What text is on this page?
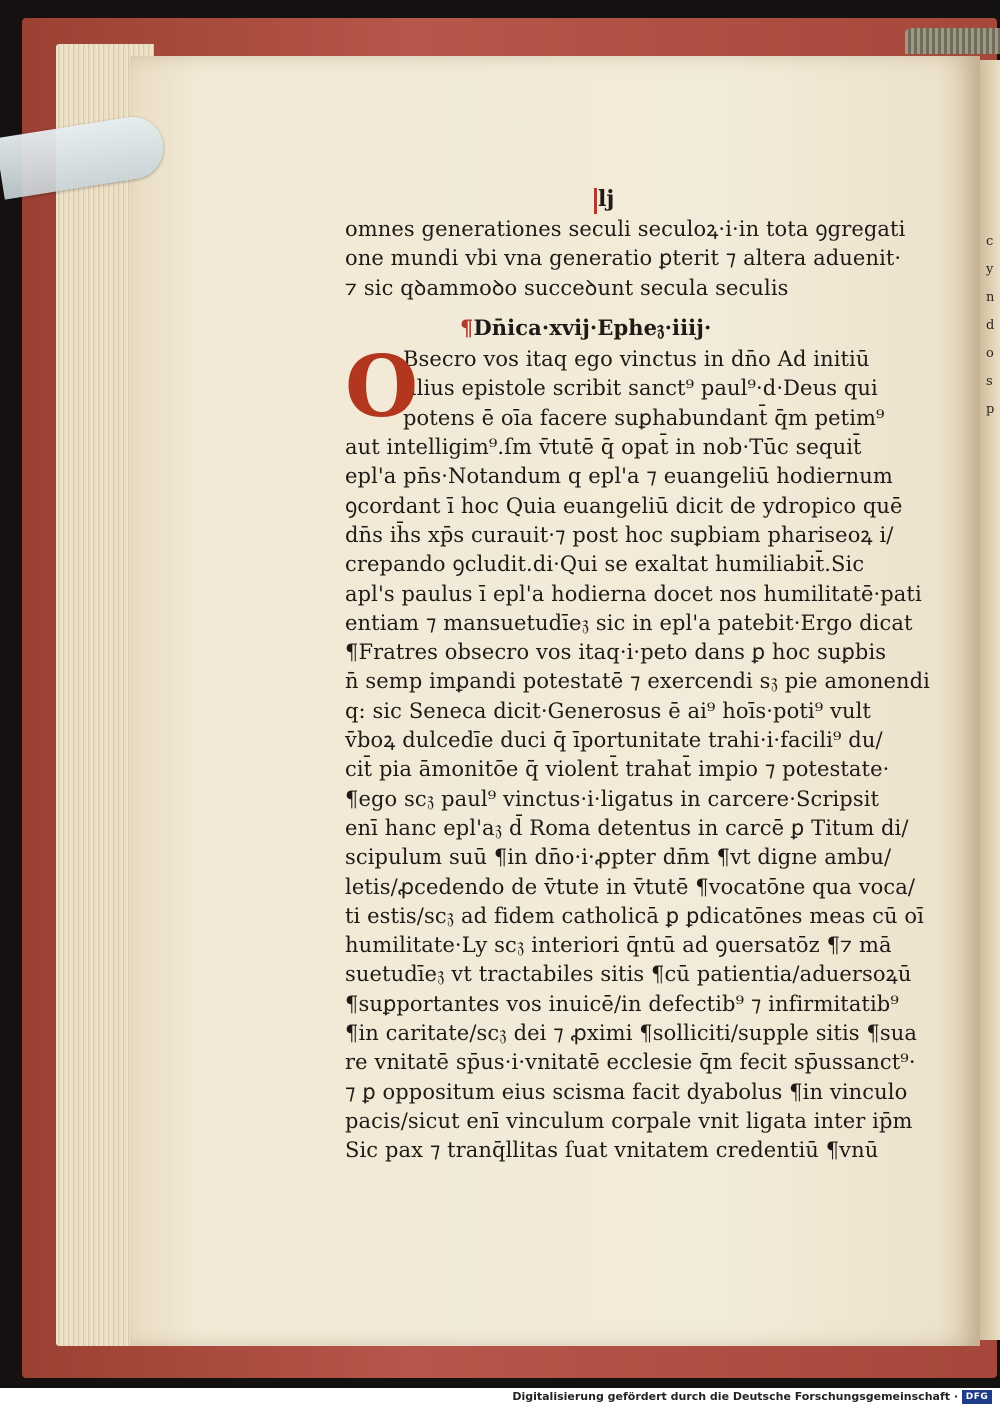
lj
omnes generationes seculi seculoꝝ·i·in tota ꝯgregati
one mundi vbi vna generatio ꝑterit ⁊ altera aduenit·
⁊ sic qꝺammoꝺo succeꝺunt secula seculis
¶Dn̄ica·xvij·Ephe𝔷·iiij·
O
Bsecro vos itaq ego vinctus in dn̄o Ad initiū
illius epistole scribit sanct⁹ paul⁹·d·Deus qui
potens ē oīa facere suꝑhabundant̄ q̄m petim⁹
aut intelligim⁹.ſm v̄tutē q̄ opat̄ in nob·Tūc sequit̄
epl'a pn̄s·Notandum q epl'a ⁊ euangeliū hodiernum
ꝯcordant ī hoc Quia euangeliū dicit de ydropico quē
dn̄s ih̄s xp̄s curauit·⁊ post hoc suꝑbiam phariseoꝝ i/
crepando ꝯcludit.di·Qui se exaltat humiliabit̄.Sic
apl's paulus ī epl'a hodierna docet nos humilitatē·pati
entiam ⁊ mansuetudīe𝔷 sic in epl'a patebit·Ergo dicat
¶Fratres obsecro vos itaq·i·peto dans ꝑ hoc suꝑbis
n̄ semp imꝑandi potestatē ⁊ exercendi s𝔷 pie amonendi
q: sic Seneca dicit·Generosus ē ai⁹ hoīs·poti⁹ vult
v̄boꝝ dulcedīe duci q̄ īportunitate trahi·i·facili⁹ du/
cit̄ pia āmonitōe q̄ violent̄ trahat̄ impio ⁊ potestate·
¶ego sc𝔷 paul⁹ vinctus·i·ligatus in carcere·Scripsit
enī hanc epl'a𝔷 d̄ Roma detentus in carcē ꝑ Titum di/
scipulum suū ¶in dn̄o·i·ꝓpter dn̄m ¶vt digne ambu/
letis/ꝓcedendo de v̄tute in v̄tutē ¶vocatōne qua voca/
ti estis/sc𝔷 ad fidem catholicā ꝑ ꝑdicatōnes meas cū oī
humilitate·Ly sc𝔷 interiori q̄ntū ad ꝯuersatōz ¶⁊ mā
suetudīe𝔷 vt tractabiles sitis ¶cū patientia/aduersoꝝū
¶suꝑportantes vos inuicē/in defectib⁹ ⁊ infirmitatib⁹
¶in caritate/sc𝔷 dei ⁊ ꝓximi ¶solliciti/supple sitis ¶sua
re vnitatē sp̄us·i·vnitatē ecclesie q̄m fecit sp̄ussanct⁹·
⁊ ꝑ oppositum eius scisma facit dyabolus ¶in vinculo
pacis/sicut enī vinculum corpale vnit ligata inter ip̄m
Sic pax ⁊ tranq̄llitas ſuat vnitatem credentiū ¶vnū
c
y
n
d
o
s
p
Digitalisierung gefördert durch die Deutsche Forschungsgemeinschaft · DFG
